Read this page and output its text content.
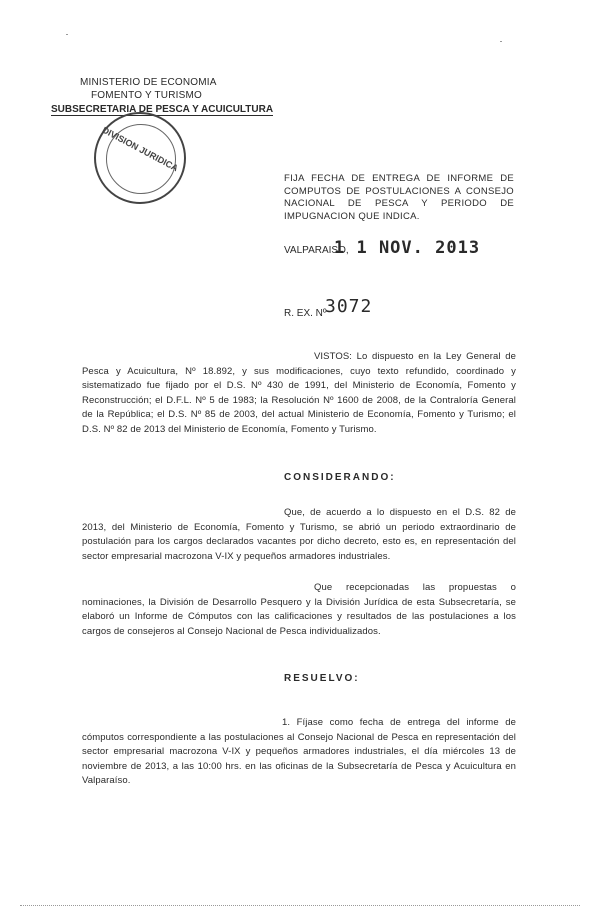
MINISTERIO DE ECONOMIA
FOMENTO Y TURISMO
SUBSECRETARIA DE PESCA Y ACUICULTURA
DIVISION JURIDICA
FIJA FECHA DE ENTREGA DE INFORME DE COMPUTOS DE POSTULACIONES A CONSEJO NACIONAL DE PESCA Y PERIODO DE IMPUGNACION QUE INDICA.
VALPARAISO,
1 1 NOV. 2013
R. EX. Nº
3072
VISTOS: Lo dispuesto en la Ley General de Pesca y Acuicultura, Nº 18.892, y sus modificaciones, cuyo texto refundido, coordinado y sistematizado fue fijado por el D.S. Nº 430 de 1991, del Ministerio de Economía, Fomento y Reconstrucción; el D.F.L. Nº 5 de 1983; la Resolución Nº 1600 de 2008, de la Contraloría General de la República; el D.S. Nº 85 de 2003, del actual Ministerio de Economía, Fomento y Turismo; el D.S. Nº 82 de 2013 del Ministerio de Economía, Fomento y Turismo.
CONSIDERANDO:
Que, de acuerdo a lo dispuesto en el D.S. 82 de 2013, del Ministerio de Economía, Fomento y Turismo, se abrió un periodo extraordinario de postulación para los cargos declarados vacantes por dicho decreto, esto es, en representación del sector empresarial macrozona V-IX y pequeños armadores industriales.
Que recepcionadas las propuestas o nominaciones, la División de Desarrollo Pesquero y la División Jurídica de esta Subsecretaría, se elaboró un Informe de Cómputos con las calificaciones y resultados de las postulaciones a los cargos de consejeros al Consejo Nacional de Pesca individualizados.
RESUELVO:
1. Fíjase como fecha de entrega del informe de cómputos correspondiente a las postulaciones al Consejo Nacional de Pesca en representación del sector empresarial macrozona V-IX y pequeños armadores industriales, el día miércoles 13 de noviembre de 2013, a las 10:00 hrs. en las oficinas de la Subsecretaría de Pesca y Acuicultura en Valparaíso.
